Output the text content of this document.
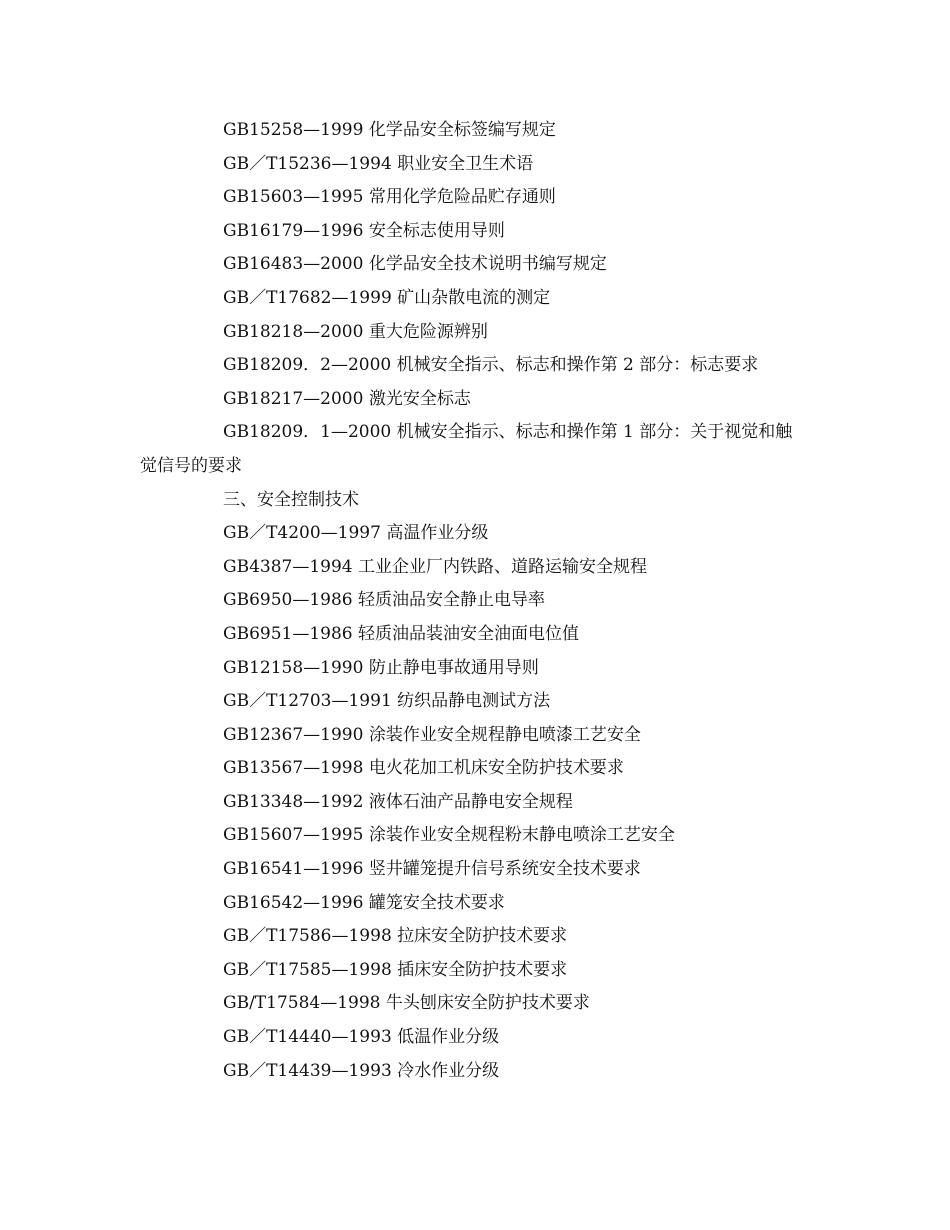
GB15258—1999 化学品安全标签编写规定
GB／T15236—1994 职业安全卫生术语
GB15603—1995 常用化学危险品贮存通则
GB16179—1996 安全标志使用导则
GB16483—2000 化学品安全技术说明书编写规定
GB／T17682—1999 矿山杂散电流的测定
GB18218—2000 重大危险源辨别
GB18209．2—2000 机械安全指示、标志和操作第 2 部分：标志要求
GB18217—2000 激光安全标志
GB18209．1—2000 机械安全指示、标志和操作第 1 部分：关于视觉和触
觉信号的要求
三、安全控制技术
GB／T4200—1997 高温作业分级
GB4387—1994 工业企业厂内铁路、道路运输安全规程
GB6950—1986 轻质油品安全静止电导率
GB6951—1986 轻质油品装油安全油面电位值
GB12158—1990 防止静电事故通用导则
GB／T12703—1991 纺织品静电测试方法
GB12367—1990 涂装作业安全规程静电喷漆工艺安全
GB13567—1998 电火花加工机床安全防护技术要求
GB13348—1992 液体石油产品静电安全规程
GB15607—1995 涂装作业安全规程粉末静电喷涂工艺安全
GB16541—1996 竖井罐笼提升信号系统安全技术要求
GB16542—1996 罐笼安全技术要求
GB／T17586—1998 拉床安全防护技术要求
GB／T17585—1998 插床安全防护技术要求
GB/T17584—1998 牛头刨床安全防护技术要求
GB／T14440—1993 低温作业分级
GB／T14439—1993 冷水作业分级
